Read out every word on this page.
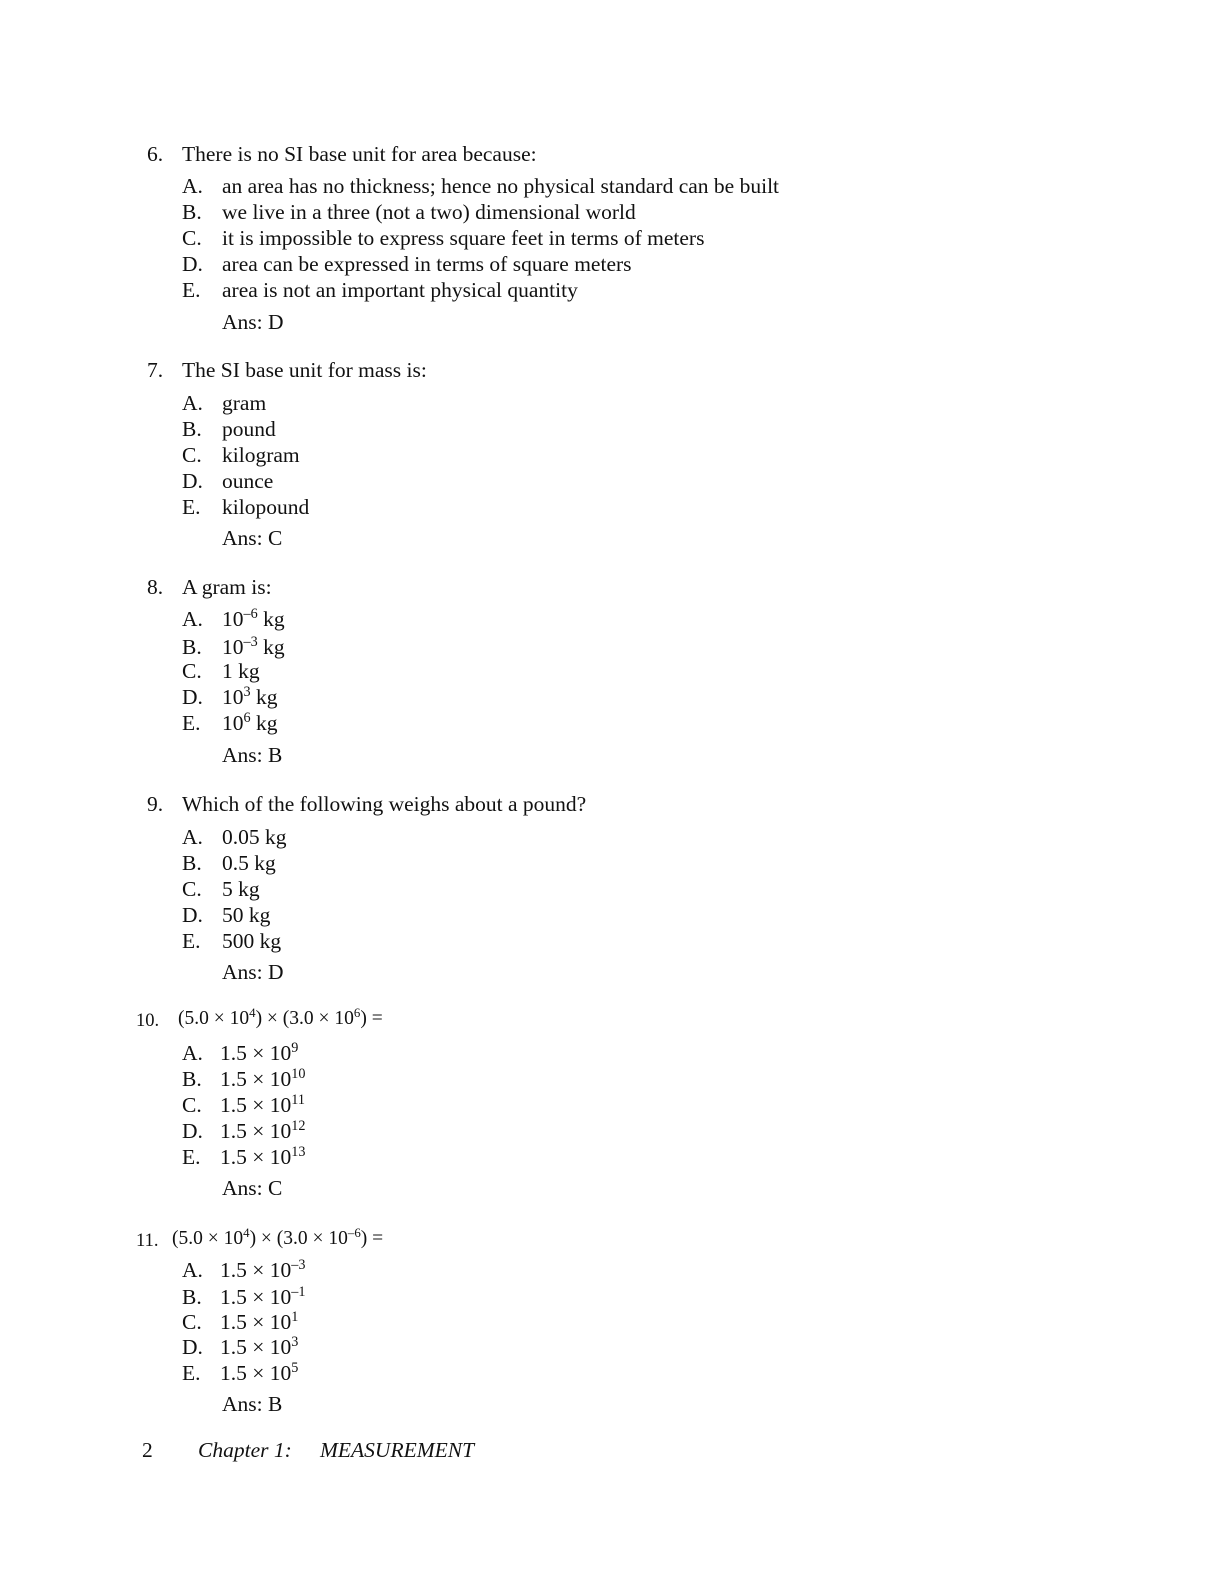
6. There is no SI base unit for area because:
A. an area has no thickness; hence no physical standard can be built
B. we live in a three (not a two) dimensional world
C. it is impossible to express square feet in terms of meters
D. area can be expressed in terms of square meters
E. area is not an important physical quantity
Ans: D
7. The SI base unit for mass is:
A. gram
B. pound
C. kilogram
D. ounce
E. kilopound
Ans: C
8. A gram is:
A. $10^{-6}$ kg
B. $10^{-3}$ kg
C. 1 kg
D. $10^3$ kg
E. $10^6$ kg
Ans: B
9. Which of the following weighs about a pound?
A. 0.05 kg
B. 0.5 kg
C. 5 kg
D. 50 kg
E. 500 kg
Ans: D
10. $(5.0 \times 10^4) \times (3.0 \times 10^6)$ =
A. $1.5 \times 10^9$
B. $1.5 \times 10^{10}$
C. $1.5 \times 10^{11}$
D. $1.5 \times 10^{12}$
E. $1.5 \times 10^{13}$
Ans: C
11. $(5.0 \times 10^4) \times (3.0 \times 10^{-6})$ =
A. $1.5 \times 10^{-3}$
B. $1.5 \times 10^{-1}$
C. $1.5 \times 10^1$
D. $1.5 \times 10^3$
E. $1.5 \times 10^5$
Ans: B
2 Chapter 1: MEASUREMENT
